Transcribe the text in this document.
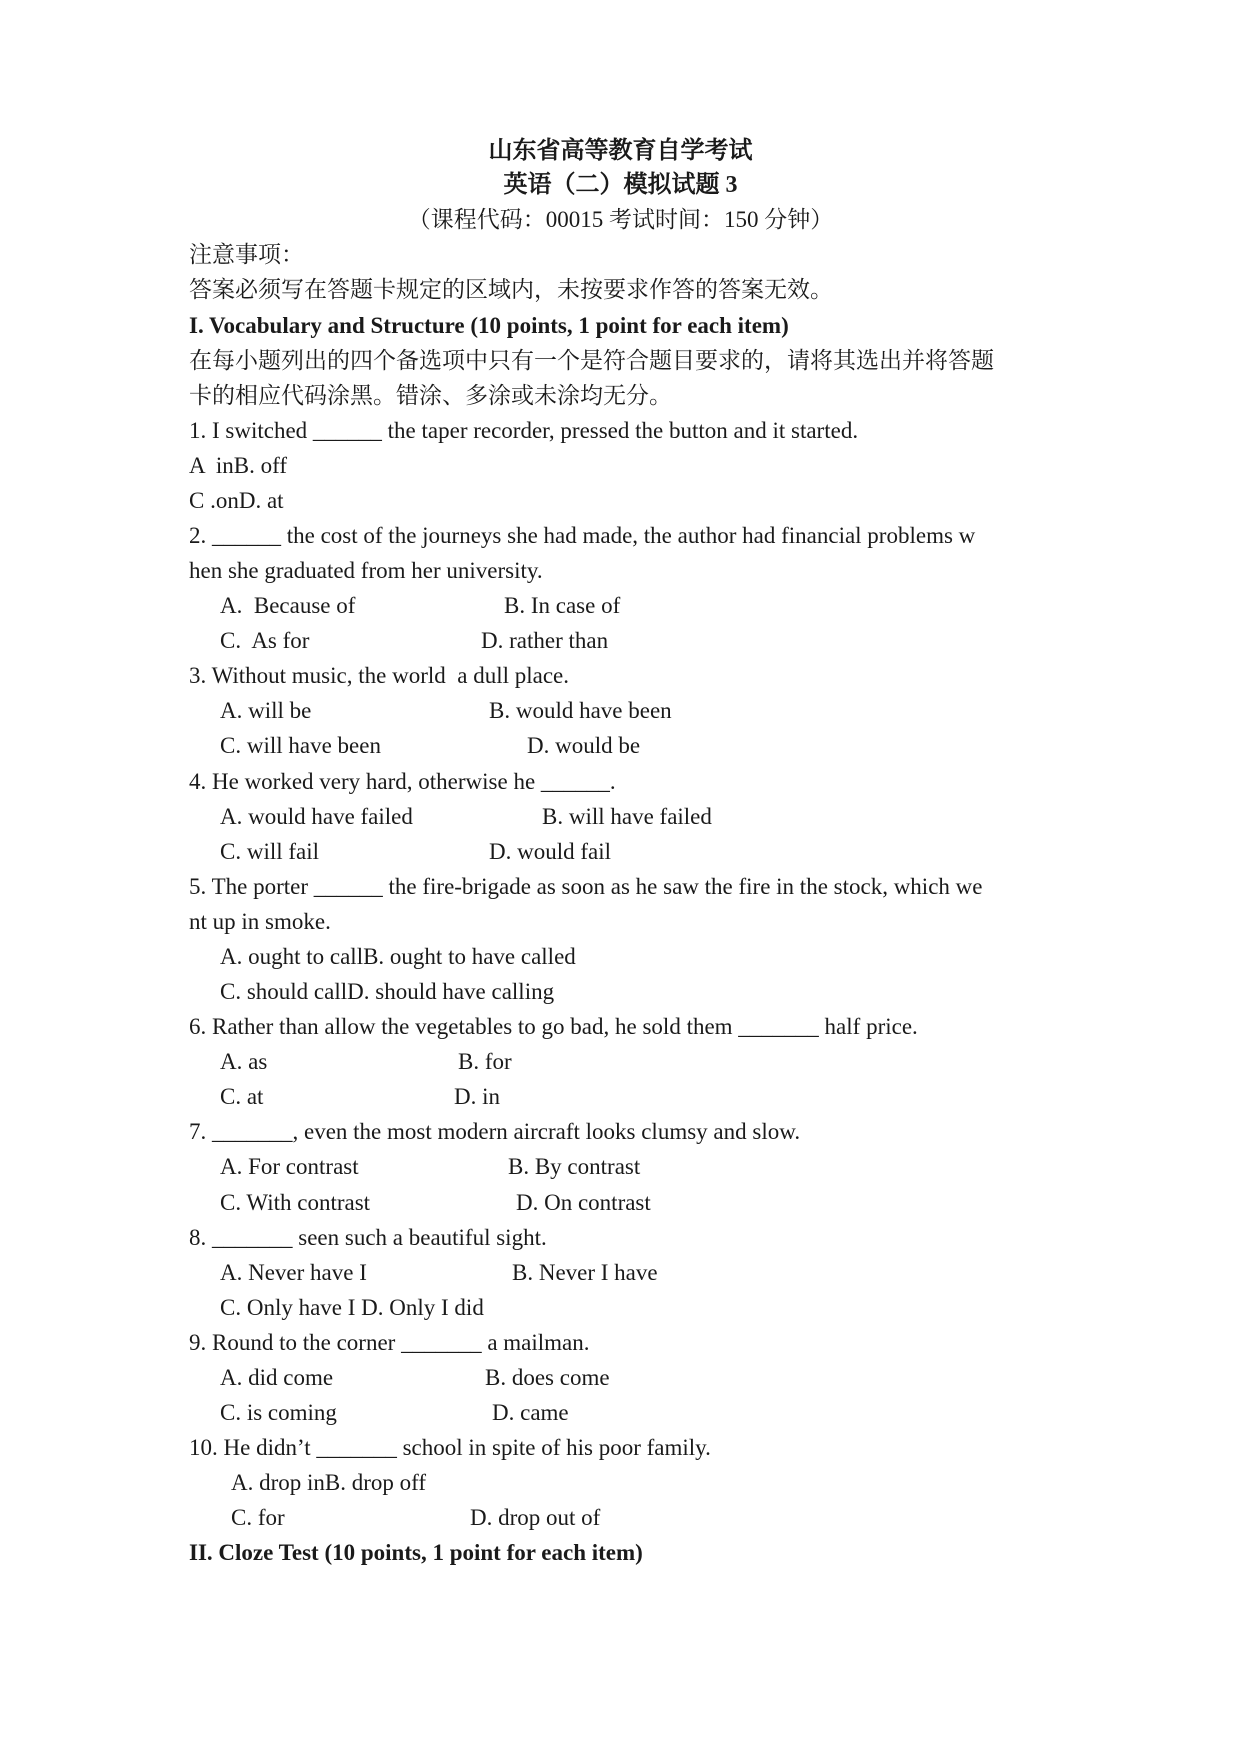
山东省高等教育自学考试
英语（二）模拟试题 3
（课程代码：00015 考试时间：150 分钟）
注意事项：
答案必须写在答题卡规定的区域内，未按要求作答的答案无效。
I. Vocabulary and Structure (10 points, 1 point for each item)
在每小题列出的四个备选项中只有一个是符合题目要求的，请将其选出并将答题
卡的相应代码涂黑。错涂、多涂或未涂均无分。
1. I switched ______ the taper recorder, pressed the button and it started.
A  inB. off
C .onD. at
2. ______ the cost of the journeys she had made, the author had financial problems w
hen she graduated from her university.
A.  Because of	B. In case of
C.  As for	D. rather than
3. Without music, the world  a dull place.
A. will be	B. would have been
C. will have been	D. would be
4. He worked very hard, otherwise he ______.
A. would have failed	B. will have failed
C. will fail	D. would fail
5. The porter ______ the fire-brigade as soon as he saw the fire in the stock, which we
nt up in smoke.
A. ought to callB. ought to have called
C. should callD. should have calling
6. Rather than allow the vegetables to go bad, he sold them _______ half price.
A. as	B. for
C. at	D. in
7. _______, even the most modern aircraft looks clumsy and slow.
A. For contrast	B. By contrast
C. With contrast	D. On contrast
8. _______ seen such a beautiful sight.
A. Never have I	B. Never I have
C. Only have I D. Only I did
9. Round to the corner _______ a mailman.
A. did come	B. does come
C. is coming	D. came
10. He didn’t _______ school in spite of his poor family.
A. drop inB. drop off
C. for	D. drop out of
II. Cloze Test (10 points, 1 point for each item)
